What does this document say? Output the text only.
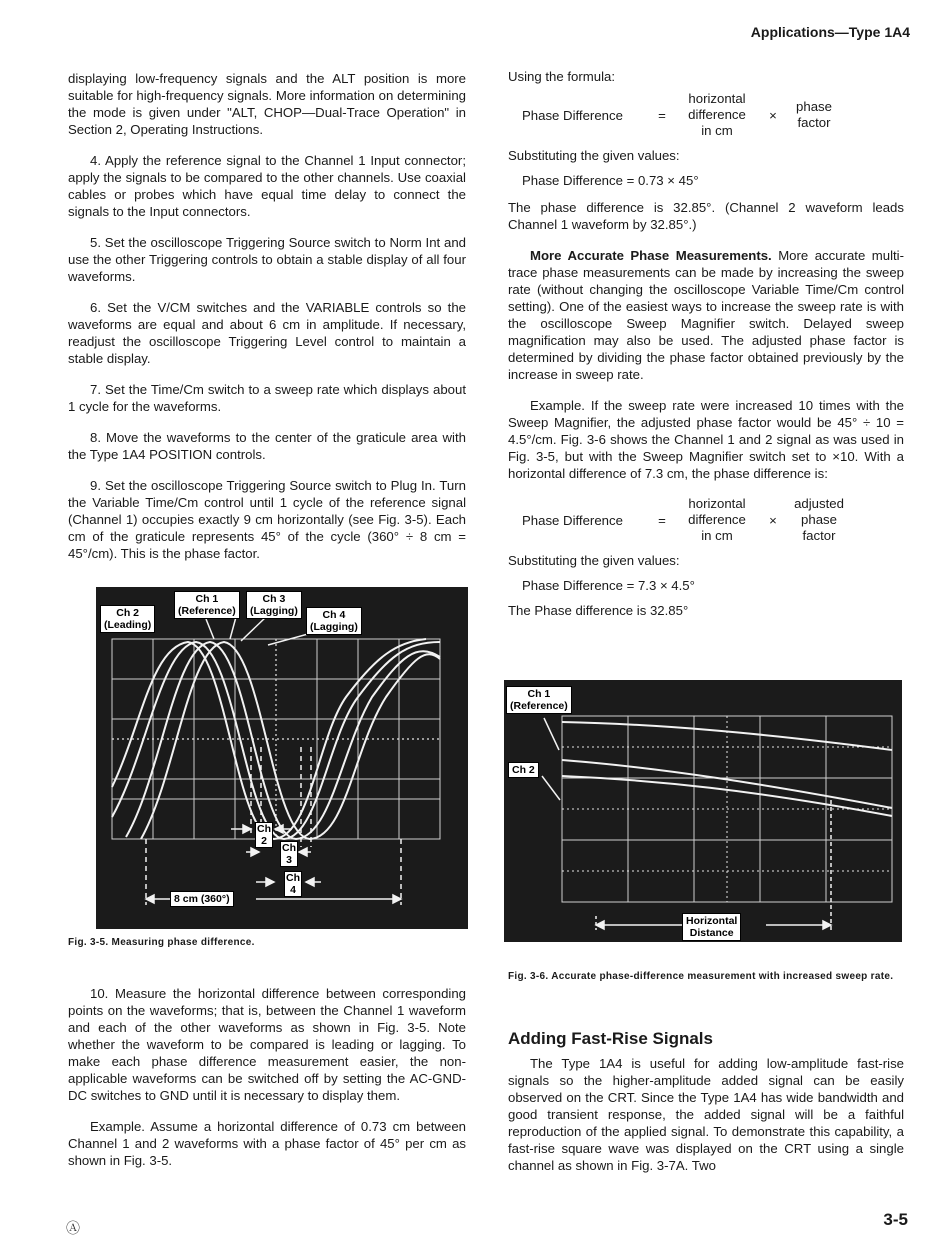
Applications—Type 1A4

displaying low-frequency signals and the ALT position is more suitable for high-frequency signals. More information on determining the mode is given under "ALT, CHOP—Dual-Trace Operation" in Section 2, Operating Instructions.

4. Apply the reference signal to the Channel 1 Input connector; apply the signals to be compared to the other channels. Use coaxial cables or probes which have equal time delay to connect the signals to the Input connectors.

5. Set the oscilloscope Triggering Source switch to Norm Int and use the other Triggering controls to obtain a stable display of all four waveforms.

6. Set the V/CM switches and the VARIABLE controls so the waveforms are equal and about 6 cm in amplitude. If necessary, readjust the oscilloscope Triggering Level control to maintain a stable display.

7. Set the Time/Cm switch to a sweep rate which displays about 1 cycle for the waveforms.

8. Move the waveforms to the center of the graticule area with the Type 1A4 POSITION controls.

9. Set the oscilloscope Triggering Source switch to Plug In. Turn the Variable Time/Cm control until 1 cycle of the reference signal (Channel 1) occupies exactly 9 cm horizontally (see Fig. 3-5). Each cm of the graticule represents 45° of the cycle (360° ÷ 8 cm = 45°/cm). This is the phase factor.

Ch 2
(Leading)
Ch 1
(Reference)
Ch 3
(Lagging)	Ch 4
(Lagging)
Ch
2
Ch
3
Ch
4
8 cm (360°)
Fig. 3-5. Measuring phase difference.

10. Measure the horizontal difference between corresponding points on the waveforms; that is, between the Channel 1 waveform and each of the other waveforms as shown in Fig. 3-5. Note whether the waveform to be compared is leading or lagging. To make each phase difference measurement easier, the non-applicable waveforms can be switched off by setting the AC-GND-DC switches to GND until it is necessary to display them.

Example. Assume a horizontal difference of 0.73 cm between Channel 1 and 2 waveforms with a phase factor of 45° per cm as shown in Fig. 3-5.

Using the formula:

Phase Difference	=
horizontal
difference
in cm
×
phase
factor

Substituting the given values:

Phase Difference = 0.73 × 45°

The phase difference is 32.85°. (Channel 2 waveform leads Channel 1 waveform by 32.85°.)

More Accurate Phase Measurements. More accurate multi-trace phase measurements can be made by increasing the sweep rate (without changing the oscilloscope Variable Time/Cm control setting). One of the easiest ways to increase the sweep rate is with the oscilloscope Sweep Magnifier switch. Delayed sweep magnification may also be used. The adjusted phase factor is determined by dividing the phase factor obtained previously by the increase in sweep rate.

Example. If the sweep rate were increased 10 times with the Sweep Magnifier, the adjusted phase factor would be 45° ÷ 10 = 4.5°/cm. Fig. 3-6 shows the Channel 1 and 2 signal as was used in Fig. 3-5, but with the Sweep Magnifier switch set to ×10. With a horizontal difference of 7.3 cm, the phase difference is:

Phase Difference	=
horizontal
difference
in cm
×
adjusted
phase
factor

Substituting the given values:

Phase Difference = 7.3 × 4.5°

The Phase difference is 32.85°

Ch 1
(Reference)
Ch 2
Horizontal
Distance
Fig. 3-6. Accurate phase-difference measurement with increased sweep rate.
Adding Fast-Rise Signals

The Type 1A4 is useful for adding low-amplitude fast-rise signals so the higher-amplitude added signal can be easily observed on the CRT. Since the Type 1A4 has wide bandwidth and good transient response, the added signal will be a faithful reproduction of the applied signal. To demonstrate this capability, a fast-rise square wave was displayed on the CRT using a single channel as shown in Fig. 3-7A. Two

Ⓐ	3-5
